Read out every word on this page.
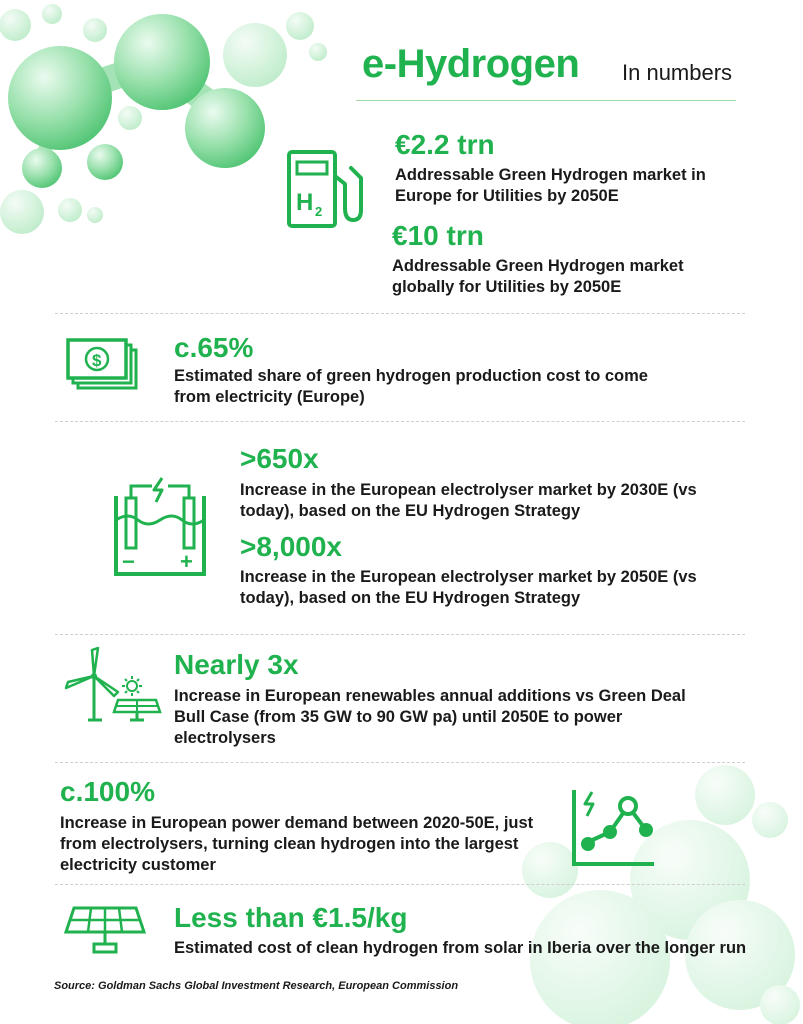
e-Hydrogen In numbers
H 2
€2.2 trn
Addressable Green Hydrogen market in Europe for Utilities by 2050E
€10 trn
Addressable Green Hydrogen market globally for Utilities by 2050E
$	c.65%
Estimated share of green hydrogen production cost to come from electricity (Europe)
− +
>650x
Increase in the European electrolyser market by 2030E (vs today), based on the EU Hydrogen Strategy
>8,000x
Increase in the European electrolyser market by 2050E (vs today), based on the EU Hydrogen Strategy
Nearly 3x
Increase in European renewables annual additions vs Green Deal Bull Case (from 35 GW to 90 GW pa) until 2050E to power electrolysers
c.100%
Increase in European power demand between 2020-50E, just from electrolysers, turning clean hydrogen into the largest electricity customer
Less than €1.5/kg
Estimated cost of clean hydrogen from solar in Iberia over the longer run
Source: Goldman Sachs Global Investment Research, European Commission
